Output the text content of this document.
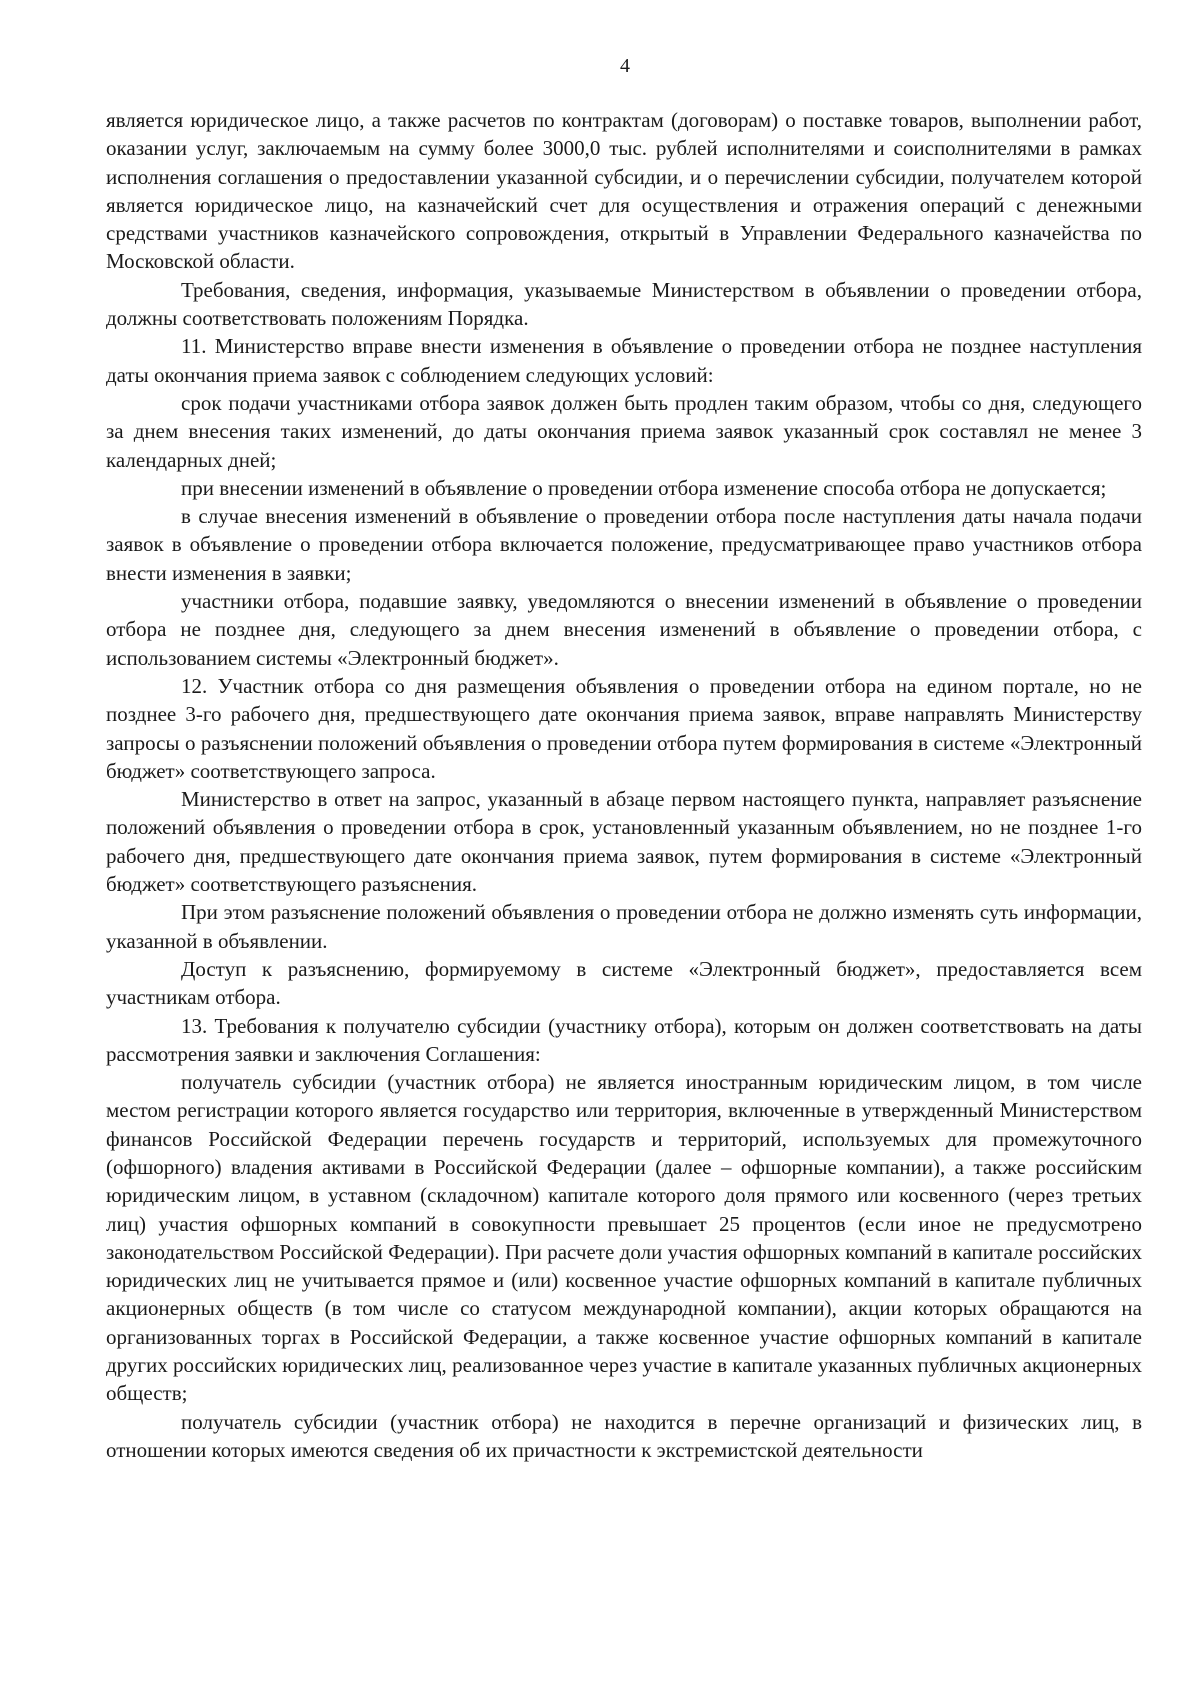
4

является юридическое лицо, а также расчетов по контрактам (договорам) о поставке товаров, выполнении работ, оказании услуг, заключаемым на сумму более 3000,0 тыс. рублей исполнителями и соисполнителями в рамках исполнения соглашения о предоставлении указанной субсидии, и о перечислении субсидии, получателем которой является юридическое лицо, на казначейский счет для осуществления и отражения операций с денежными средствами участников казначейского сопровождения, открытый в Управлении Федерального казначейства по Московской области.

Требования, сведения, информация, указываемые Министерством в объявлении о проведении отбора, должны соответствовать положениям Порядка.

11. Министерство вправе внести изменения в объявление о проведении отбора не позднее наступления даты окончания приема заявок с соблюдением следующих условий:

срок подачи участниками отбора заявок должен быть продлен таким образом, чтобы со дня, следующего за днем внесения таких изменений, до даты окончания приема заявок указанный срок составлял не менее 3 календарных дней;

при внесении изменений в объявление о проведении отбора изменение способа отбора не допускается;

в случае внесения изменений в объявление о проведении отбора после наступления даты начала подачи заявок в объявление о проведении отбора включается положение, предусматривающее право участников отбора внести изменения в заявки;

участники отбора, подавшие заявку, уведомляются о внесении изменений в объявление о проведении отбора не позднее дня, следующего за днем внесения изменений в объявление о проведении отбора, с использованием системы «Электронный бюджет».

12. Участник отбора со дня размещения объявления о проведении отбора на едином портале, но не позднее 3-го рабочего дня, предшествующего дате окончания приема заявок, вправе направлять Министерству запросы о разъяснении положений объявления о проведении отбора путем формирования в системе «Электронный бюджет» соответствующего запроса.

Министерство в ответ на запрос, указанный в абзаце первом настоящего пункта, направляет разъяснение положений объявления о проведении отбора в срок, установленный указанным объявлением, но не позднее 1-го рабочего дня, предшествующего дате окончания приема заявок, путем формирования в системе «Электронный бюджет» соответствующего разъяснения.

При этом разъяснение положений объявления о проведении отбора не должно изменять суть информации, указанной в объявлении.

Доступ к разъяснению, формируемому в системе «Электронный бюджет», предоставляется всем участникам отбора.

13. Требования к получателю субсидии (участнику отбора), которым он должен соответствовать на даты рассмотрения заявки и заключения Соглашения:

получатель субсидии (участник отбора) не является иностранным юридическим лицом, в том числе местом регистрации которого является государство или территория, включенные в утвержденный Министерством финансов Российской Федерации перечень государств и территорий, используемых для промежуточного (офшорного) владения активами в Российской Федерации (далее – офшорные компании), а также российским юридическим лицом, в уставном (складочном) капитале которого доля прямого или косвенного (через третьих лиц) участия офшорных компаний в совокупности превышает 25 процентов (если иное не предусмотрено законодательством Российской Федерации). При расчете доли участия офшорных компаний в капитале российских юридических лиц не учитывается прямое и (или) косвенное участие офшорных компаний в капитале публичных акционерных обществ (в том числе со статусом международной компании), акции которых обращаются на организованных торгах в Российской Федерации, а также косвенное участие офшорных компаний в капитале других российских юридических лиц, реализованное через участие в капитале указанных публичных акционерных обществ;

получатель субсидии (участник отбора) не находится в перечне организаций и физических лиц, в отношении которых имеются сведения об их причастности к экстремистской деятельности
